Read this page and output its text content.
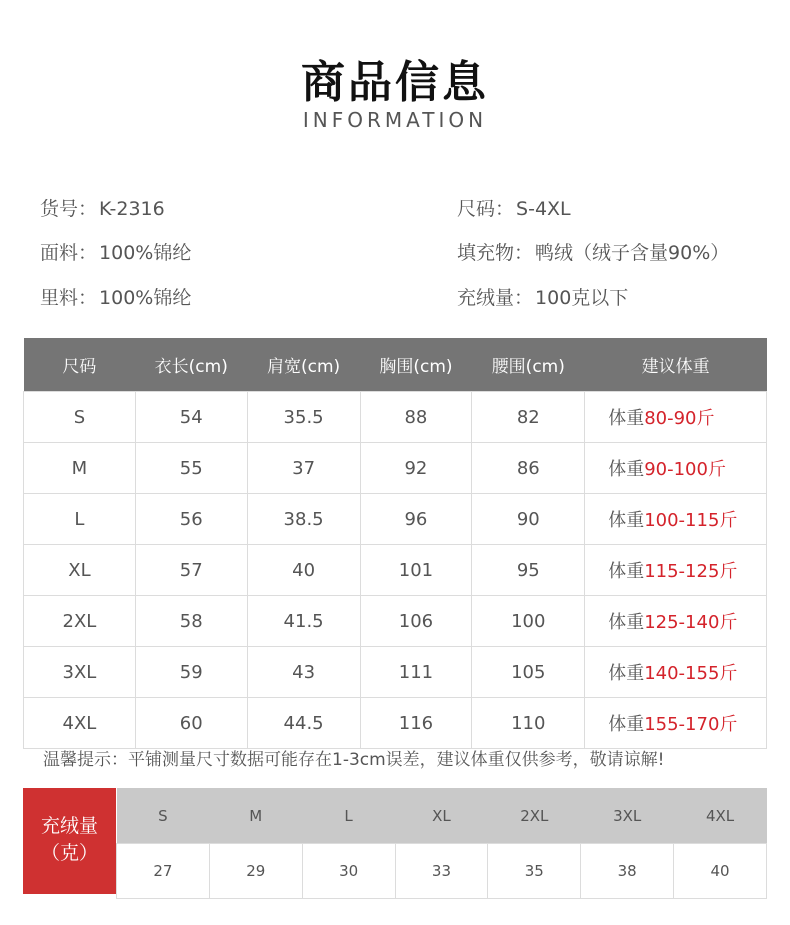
商品信息
INFORMATION
货号 ： K-2316	尺码 ： S-4XL
面料 ： 100%锦纶	填充物 ： 鸭绒（绒子含量90%）
里料 ： 100%锦纶	充绒量 ： 100克以下
尺码	衣长(cm)	肩宽(cm)	胸围(cm)	腰围(cm)	建议体重
S	54	35.5	88	82	体重80-90斤
M	55	37	92	86	体重90-100斤
L	56	38.5	96	90	体重100-115斤
XL	57	40	101	95	体重115-125斤
2XL	58	41.5	106	100	体重125-140斤
3XL	59	43	111	105	体重140-155斤
4XL	60	44.5	116	110	体重155-170斤
温馨提示：平铺测量尺寸数据可能存在1-3cm误差，建议体重仅供参考，敬请谅解!
充绒量
（克）
S	M	L	XL	2XL	3XL	4XL
27	29	30	33	35	38	40
